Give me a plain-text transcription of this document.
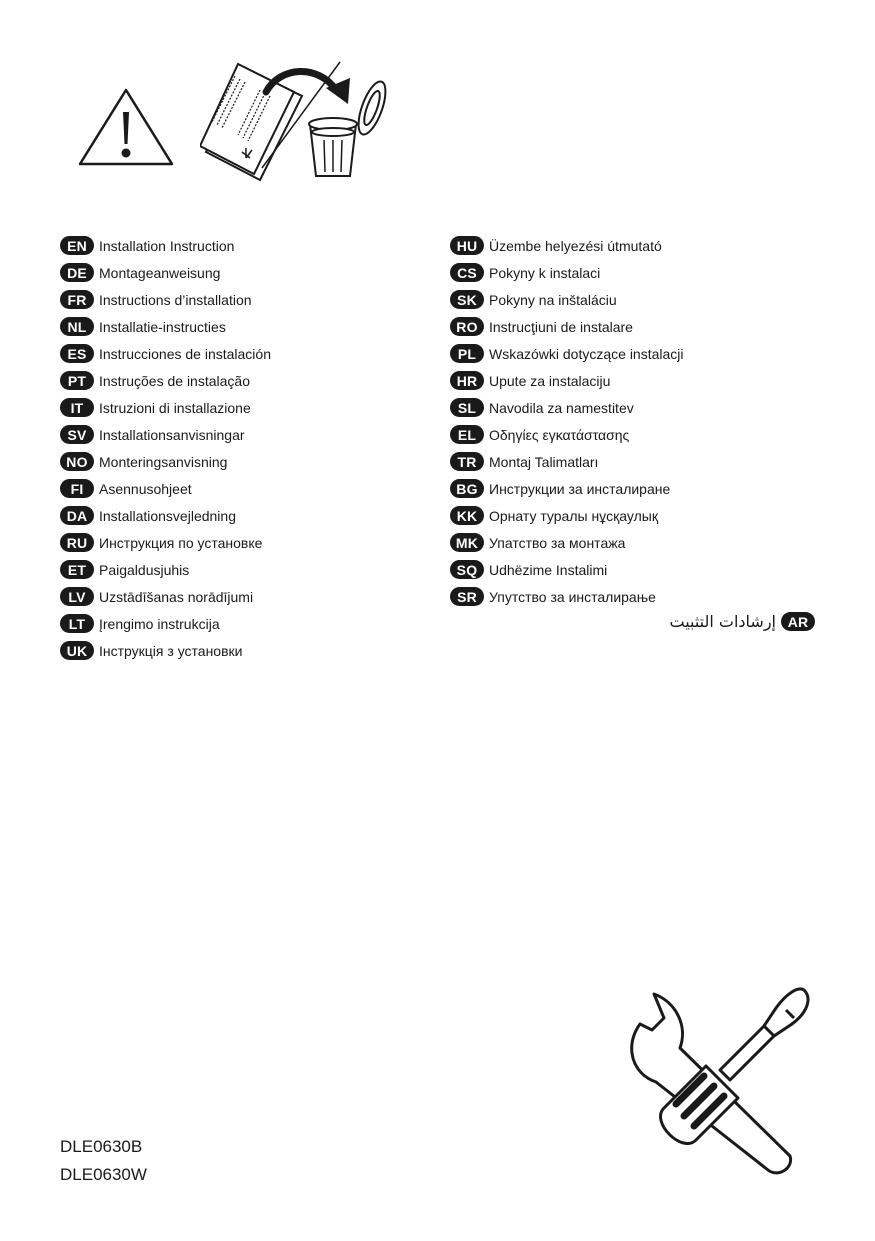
EN Installation Instruction
DE Montageanweisung
FR Instructions d’installation
NL Installatie-instructies
ES Instrucciones de instalación
PT Instruções de instalação
IT	Istruzioni di installazione
SV Installationsanvisningar
NO Monteringsanvisning
FI	Asennusohjeet
DA Installationsvejledning
RU Инструкция по установке
ET Paigaldusjuhis
LV Uzstādīšanas norādījumi
LT Įrengimo instrukcija
UK Інструкція з установки
HU Üzembe helyezési útmutató
CS Pokyny k instalaci
SK Pokyny na inštaláciu
RO Instrucţiuni de instalare
PL Wskazówki dotyczące instalacji
HR Upute za instalaciju
SL Navodila za namestitev
EL Οδηγίες εγκατάστασης
TR Montaj Talimatları
BG Инструкции за инсталиране
KK Орнату туралы нұсқаулық
MK Упатство за монтажа
SQ Udhëzime Instalimi
SR Упутство за инсталирање
AR
إرشادات التثبيت
DLE0630B
DLE0630W
